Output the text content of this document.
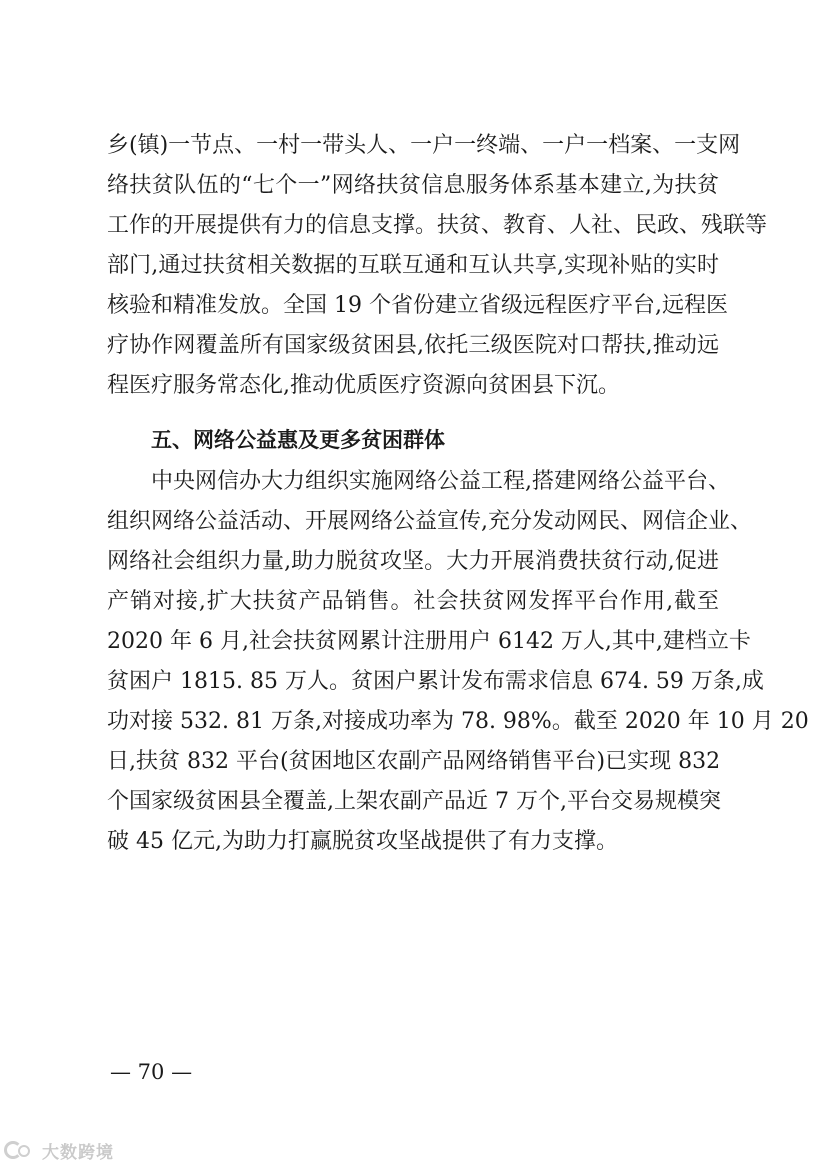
乡(镇)一节点、一村一带头人、一户一终端、一户一档案、一支网
络扶贫队伍的“七个一”网络扶贫信息服务体系基本建立,为扶贫
工作的开展提供有力的信息支撑。扶贫、教育、人社、民政、残联等
部门,通过扶贫相关数据的互联互通和互认共享,实现补贴的实时
核验和精准发放。全国 19 个省份建立省级远程医疗平台,远程医
疗协作网覆盖所有国家级贫困县,依托三级医院对口帮扶,推动远
程医疗服务常态化,推动优质医疗资源向贫困县下沉。
五、网络公益惠及更多贫困群体
中央网信办大力组织实施网络公益工程,搭建网络公益平台、
组织网络公益活动、开展网络公益宣传,充分发动网民、网信企业、
网络社会组织力量,助力脱贫攻坚。大力开展消费扶贫行动,促进
产销对接,扩大扶贫产品销售。社会扶贫网发挥平台作用,截至
2020 年 6 月,社会扶贫网累计注册用户 6142 万人,其中,建档立卡
贫困户 1815. 85 万人。贫困户累计发布需求信息 674. 59 万条,成
功对接 532. 81 万条,对接成功率为 78. 98%。截至 2020 年 10 月 20
日,扶贫 832 平台(贫困地区农副产品网络销售平台)已实现 832
个国家级贫困县全覆盖,上架农副产品近 7 万个,平台交易规模突
破 45 亿元,为助力打赢脱贫攻坚战提供了有力支撑。
— 70 —
大数跨境
